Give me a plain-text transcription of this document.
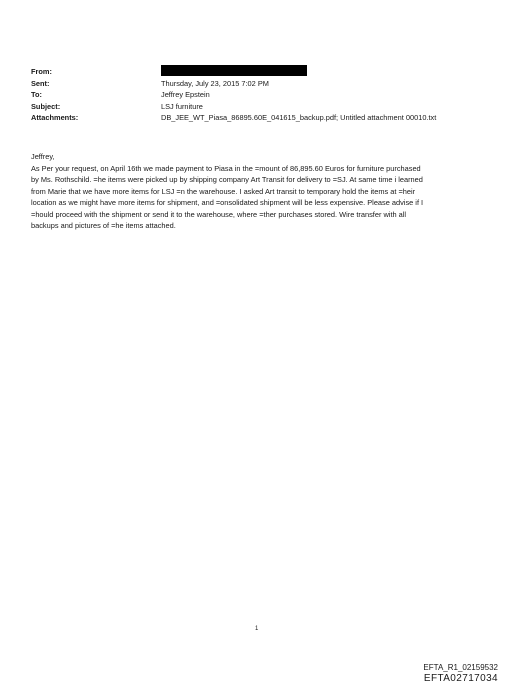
From:
Sent:	Thursday, July 23, 2015 7:02 PM
To:	Jeffrey Epstein
Subject:	LSJ furniture
Attachments:	DB_JEE_WT_Piasa_86895.60E_041615_backup.pdf; Untitled attachment 00010.txt
Jeffrey,
As Per your request, on April 16th we made payment to Piasa in the =mount of 86,895.60 Euros for furniture purchased
by Ms. Rothschild. =he items were picked up by shipping company Art Transit for delivery to =SJ. At same time i learned
from Marie that we have more items for LSJ =n the warehouse. I asked Art transit to temporary hold the items at =heir
location as we might have more items for shipment, and =onsolidated shipment will be less expensive. Please advise if I
=hould proceed with the shipment or send it to the warehouse, where =ther purchases stored. Wire transfer with all
backups and pictures of =he items attached.
1
EFTA_R1_02159532
EFTA02717034
